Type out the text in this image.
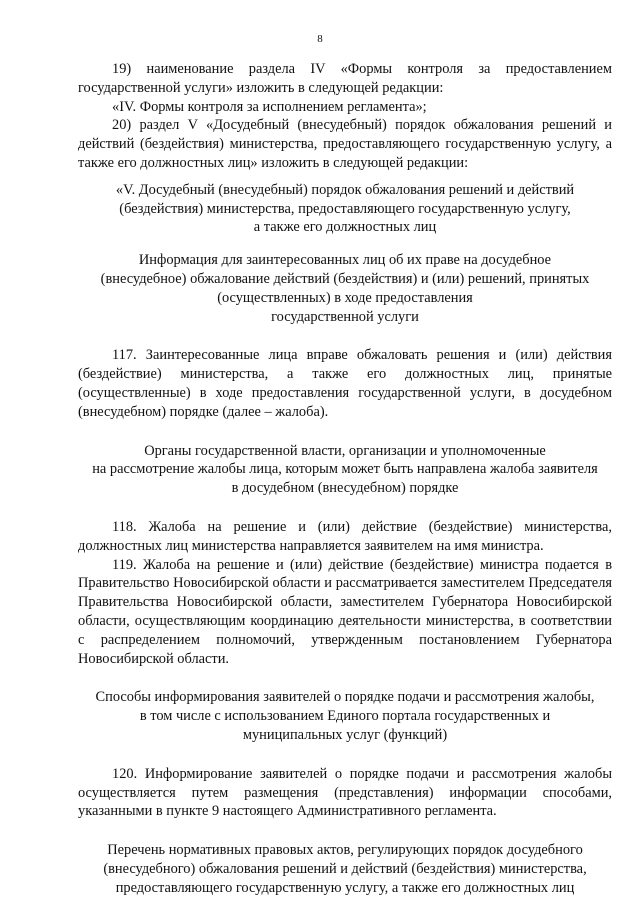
8

19) наименование раздела IV «Формы контроля за предоставлением государственной услуги» изложить в следующей редакции:

«IV. Формы контроля за исполнением регламента»;

20) раздел V «Досудебный (внесудебный) порядок обжалования решений и действий (бездействия) министерства, предоставляющего государственную услугу, а также его должностных лиц» изложить в следующей редакции:

«V. Досудебный (внесудебный) порядок обжалования решений и действий
(бездействия) министерства, предоставляющего государственную услугу,
а также его должностных лиц
Информация для заинтересованных лиц об их праве на досудебное
(внесудебное) обжалование действий (бездействия) и (или) решений, принятых
(осуществленных) в ходе предоставления
государственной услуги

117. Заинтересованные лица вправе обжаловать решения и (или) действия (бездействие) министерства, а также его должностных лиц, принятые (осуществленные) в ходе предоставления государственной услуги, в досудебном (внесудебном) порядке (далее – жалоба).

Органы государственной власти, организации и уполномоченные
на рассмотрение жалобы лица, которым может быть направлена жалоба заявителя
в досудебном (внесудебном) порядке

118. Жалоба на решение и (или) действие (бездействие) министерства, должностных лиц министерства направляется заявителем на имя министра.

119. Жалоба на решение и (или) действие (бездействие) министра подается в Правительство Новосибирской области и рассматривается заместителем Председателя Правительства Новосибирской области, заместителем Губернатора Новосибирской области, осуществляющим координацию деятельности министерства, в соответствии с распределением полномочий, утвержденным постановлением Губернатора Новосибирской области.

Способы информирования заявителей о порядке подачи и рассмотрения жалобы,
в том числе с использованием Единого портала государственных и
муниципальных услуг (функций)

120. Информирование заявителей о порядке подачи и рассмотрения жалобы осуществляется путем размещения (представления) информации способами, указанными в пункте 9 настоящего Административного регламента.

Перечень нормативных правовых актов, регулирующих порядок досудебного
(внесудебного) обжалования решений и действий (бездействия) министерства,
предоставляющего государственную услугу, а также его должностных лиц
